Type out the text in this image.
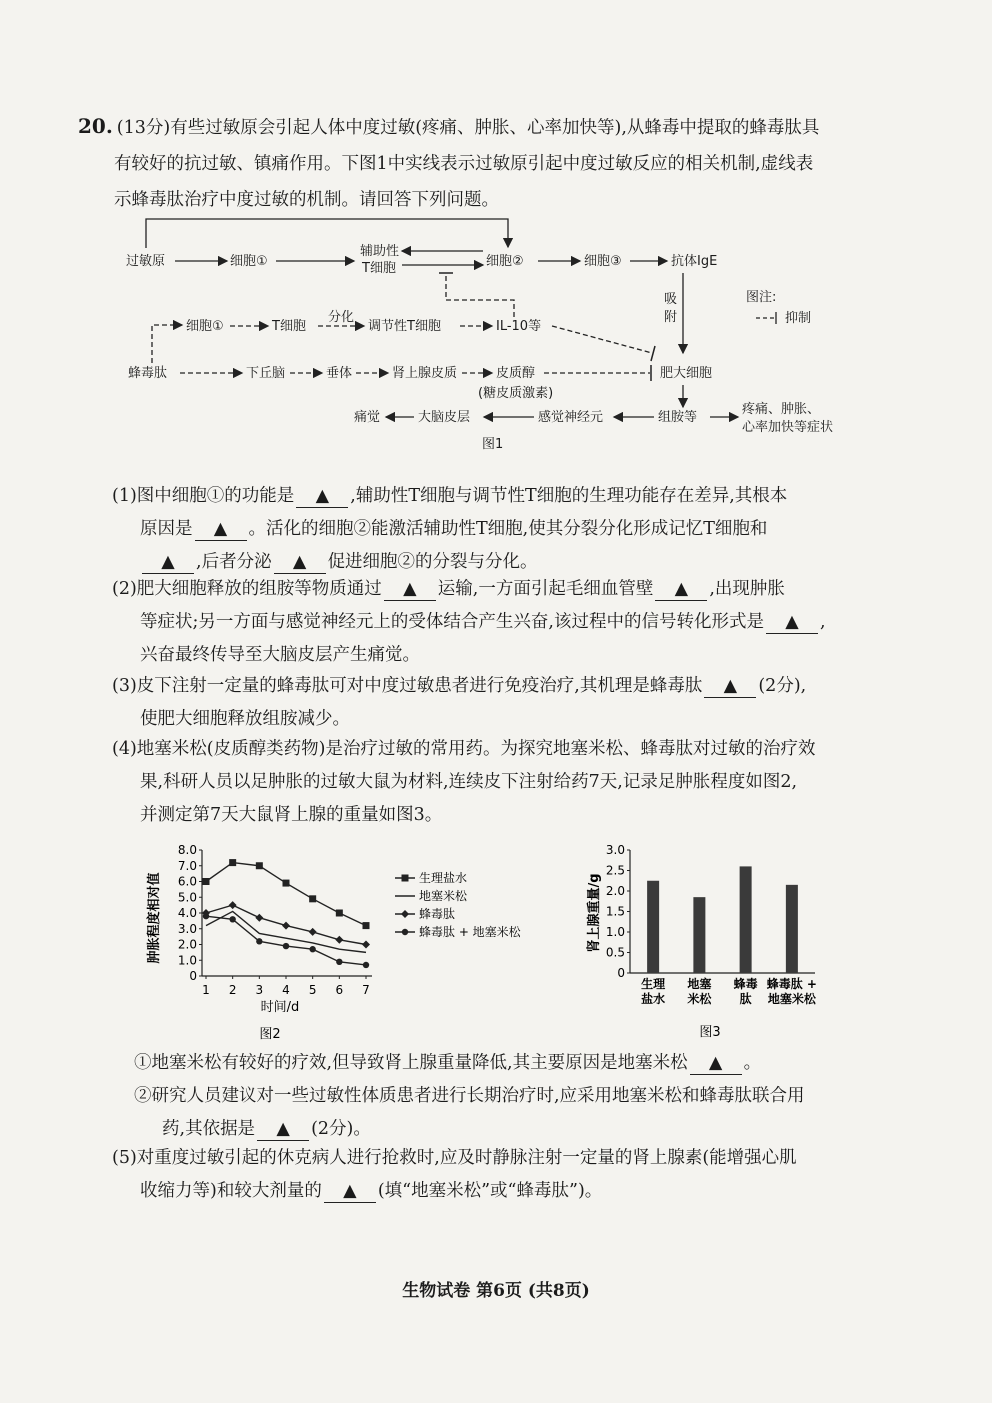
20. (13分)有些过敏原会引起人体中度过敏(疼痛、肿胀、心率加快等),从蜂毒中提取的蜂毒肽具
有较好的抗过敏、镇痛作用。下图1中实线表示过敏原引起中度过敏反应的相关机制,虚线表
示蜂毒肽治疗中度过敏的机制。请回答下列问题。
过敏原	细胞①
辅助性
T细胞	细胞②	细胞③	抗体IgE
吸
附
图注:
抑制
细胞①	T细胞
分化
调节性T细胞	IL-10等
蜂毒肽	下丘脑	垂体	肾上腺皮质	皮质醇
(糖皮质激素)
肥大细胞
痛觉	大脑皮层	感觉神经元	组胺等
疼痛、肿胀、
心率加快等症状
图1
(1)图中细胞①的功能是 ▲ ,辅助性T细胞与调节性T细胞的生理功能存在差异,其根本
原因是 ▲ 。活化的细胞②能激活辅助性T细胞,使其分裂分化形成记忆T细胞和
▲ ,后者分泌 ▲ 促进细胞②的分裂与分化。
(2)肥大细胞释放的组胺等物质通过 ▲ 运输,一方面引起毛细血管壁 ▲ ,出现肿胀
等症状;另一方面与感觉神经元上的受体结合产生兴奋,该过程中的信号转化形式是 ▲ ,
兴奋最终传导至大脑皮层产生痛觉。
(3)皮下注射一定量的蜂毒肽可对中度过敏患者进行免疫治疗,其机理是蜂毒肽 ▲ (2分),
使肥大细胞释放组胺减少。
(4)地塞米松(皮质醇类药物)是治疗过敏的常用药。为探究地塞米松、蜂毒肽对过敏的治疗效
果,科研人员以足肿胀的过敏大鼠为材料,连续皮下注射给药7天,记录足肿胀程度如图2,
并测定第7天大鼠肾上腺的重量如图3。
0
1.0
2.0
3.0
4.0
5.0
6.0
7.0
8.0
1 2 3 4 5 6 7
生理盐水
地塞米松
蜂毒肽
蜂毒肽 + 地塞米松
时间/d
肿胀程度相对值
图2
0
0.5
1.0
1.5
2.0
2.5
3.0
生理
盐水
地塞
米松
蜂毒
肽
蜂毒肽 +
地塞米松
肾上腺重量/g
图3
①地塞米松有较好的疗效,但导致肾上腺重量降低,其主要原因是地塞米松 ▲ 。
②研究人员建议对一些过敏性体质患者进行长期治疗时,应采用地塞米松和蜂毒肽联合用
药,其依据是 ▲ (2分)。
(5)对重度过敏引起的休克病人进行抢救时,应及时静脉注射一定量的肾上腺素(能增强心肌
收缩力等)和较大剂量的 ▲ (填“地塞米松”或“蜂毒肽”)。
生物试卷 第6页 (共8页)
